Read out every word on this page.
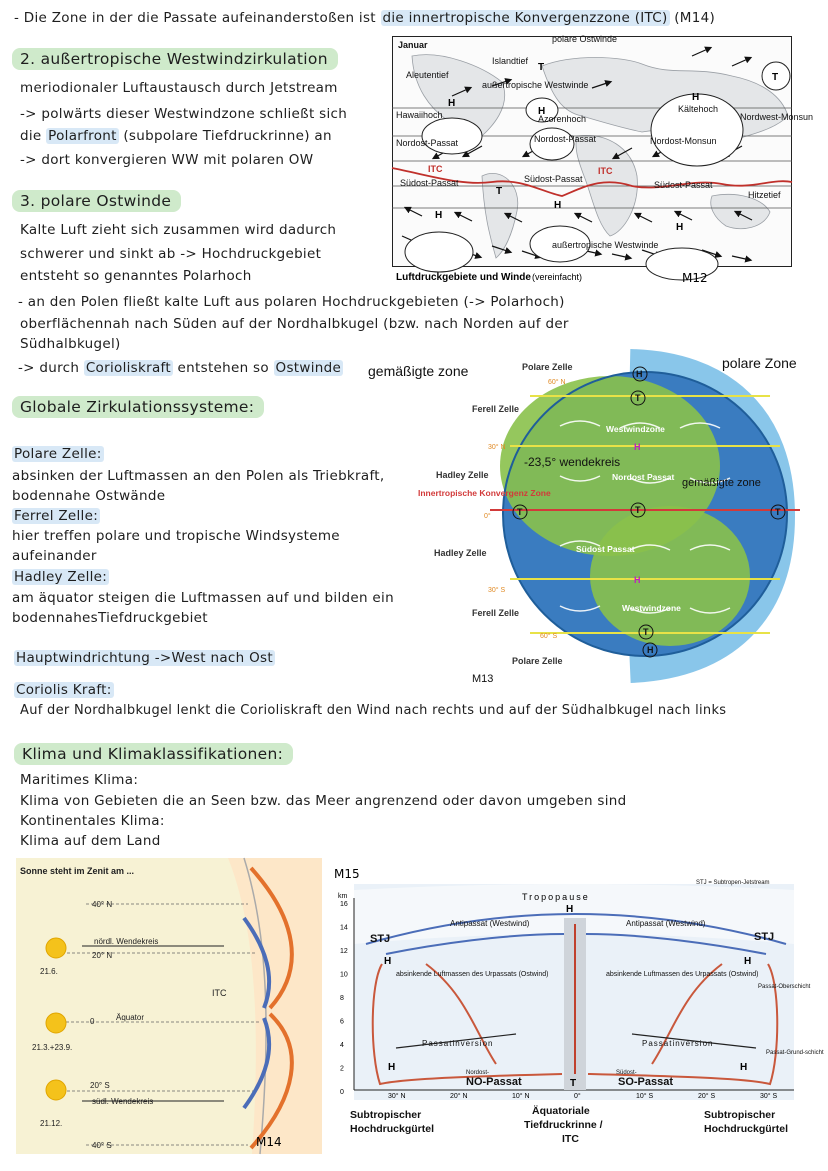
- Die Zone in der die Passate aufeinanderstoßen ist die innertropische Konvergenzzone (ITC) (M14)
2. außertropische Westwindzirkulation
meriodionaler Luftaustausch durch Jetstream
-> polwärts dieser Westwindzone schließt sich
die Polarfront (subpolare Tiefdruckrinne) an
-> dort konvergieren WW mit polaren OW
3. polare Ostwinde
Kalte Luft zieht sich zusammen wird dadurch
schwerer und sinkt ab -> Hochdruckgebiet
entsteht so genanntes Polarhoch
- an den Polen fließt kalte Luft aus polaren Hochdruckgebieten (-> Polarhoch)
oberflächennah nach Süden auf der Nordhalbkugel (bzw. nach Norden auf der
Südhalbkugel)
-> durch Corioliskraft entstehen so Ostwinde
Globale Zirkulationssysteme:
Polare Zelle:
absinken der Luftmassen an den Polen als Triebkraft,
bodennahe Ostwände
Ferrel Zelle:
hier treffen polare und tropische Windsysteme
aufeinander
Hadley Zelle:
am äquator steigen die Luftmassen auf und bilden ein
bodennahesTiefdruckgebiet
Hauptwindrichtung ->West nach Ost
Coriolis Kraft:
Auf der Nordhalbkugel lenkt die Corioliskraft den Wind nach rechts und auf der Südhalbkugel nach links
Klima und Klimaklassifikationen:
Maritimes Klima:
Klima von Gebieten die an Seen bzw. das Meer angrenzend oder davon umgeben sind
Kontinentales Klima:
Klima auf dem Land
Januar
polare Ostwinde
Islandtief
Aleutentief
außertropische Westwinde
Hawaiihoch	Azorenhoch
Kältehoch
Nordwest-Monsun
Nordost-Passat	Nordost-Passat	Nordost-Monsun
ITC	ITC
Südost-Passat	Südost-Passat
Südost-Passat
Hitzetief
außertropische Westwinde
H
H
H
H
H
H
T
T
T
Luftdruckgebiete und Winde (vereinfacht)	M12
Polare Zelle
Ferell Zelle
Hadley Zelle
Hadley Zelle
Ferell Zelle
Polare Zelle
60° N
30° N
0°
30° S
60° S
Innertropische Konvergenz Zone
Westwindzone
Nordost Passat
Südost Passat
Westwindzone
H
T
T	T	T
T
H
H
H
gemäßigte zone	polare Zone
-23,5° wendekreis
gemäßigte zone
M13
Sonne steht im Zenit am ...
40° N
nördl. Wendekreis
20° N
0	Äquator
20° S
südl. Wendekreis
40° S
21.6.
21.3.+23.9.
21.12.
ITC
M14
M15
km
16
14
12
10
8
6
4
2
0
Tropopause
STJ	STJ
STJ = Subtropen-Jetstream
Antipassat (Westwind)	Antipassat (Westwind)
absinkende Luftmassen des Urpassats (Ostwind)	absinkende Luftmassen des Urpassats (Ostwind)
Passatinversion	Passatinversion
Passat-Oberschicht
Passat-Grund-schicht
Nordost-	Südost-
NO-Passat	SO-Passat
H
H	H
H	H
T
30° N	20° N	10° N	0°	10° S	20° S	30° S
Subtropischer
Hochdruckgürtel
Äquatoriale
Tiefdruckrinne /
ITC
Subtropischer
Hochdruckgürtel
